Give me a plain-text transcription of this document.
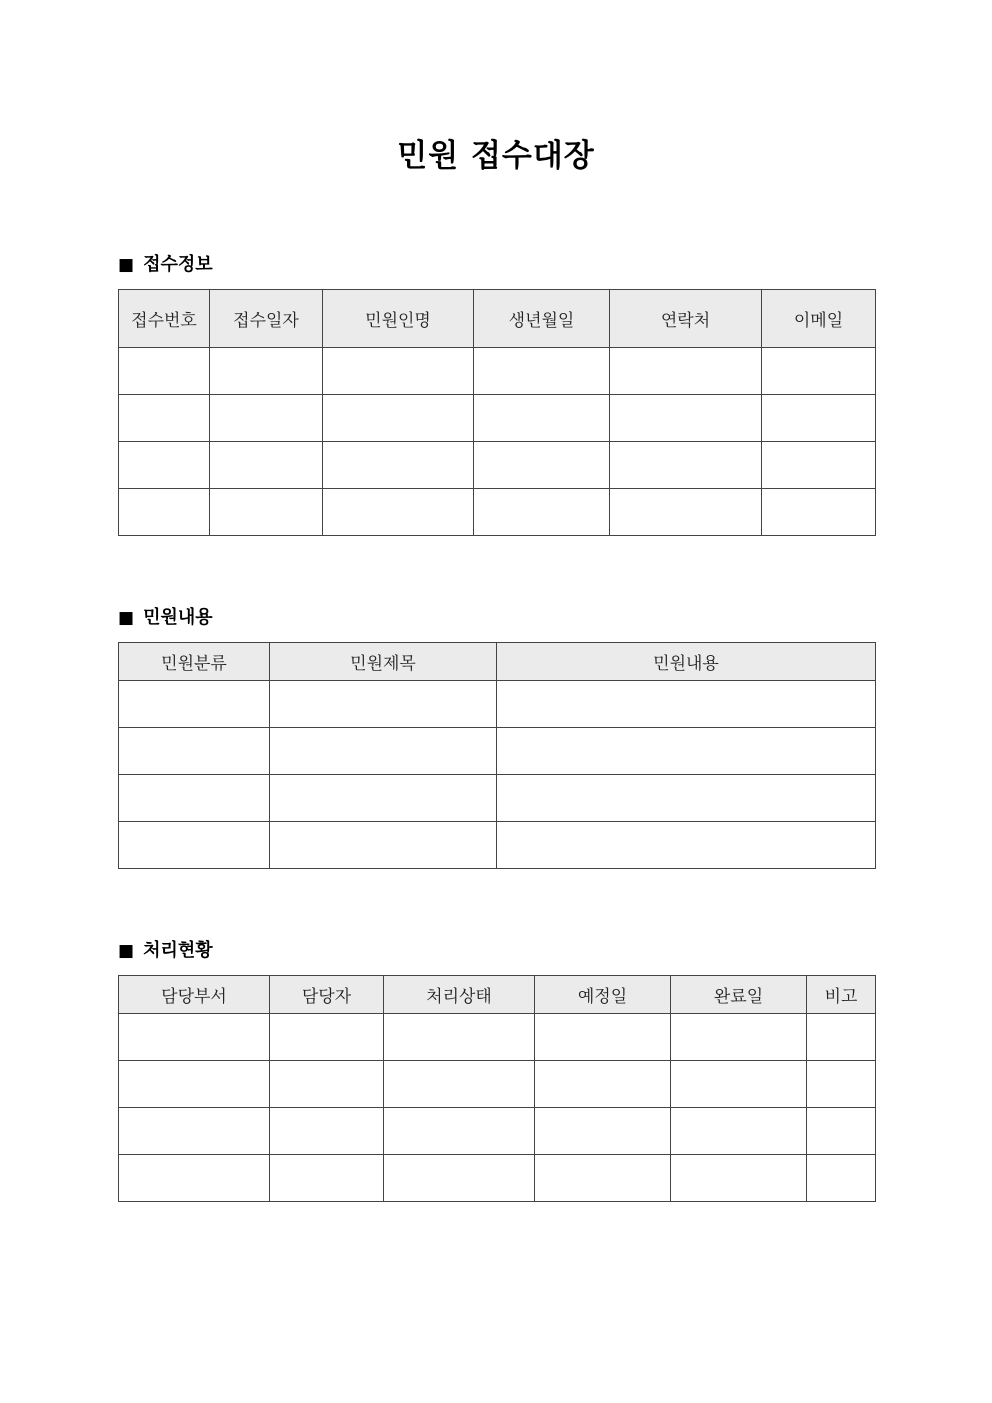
민원 접수대장
■ 접수정보
접수번호	접수일자	민원인명	생년월일	연락처	이메일

■ 민원내용
민원분류	민원제목	민원내용

■ 처리현황
담당부서	담당자	처리상태	예정일	완료일	비고
